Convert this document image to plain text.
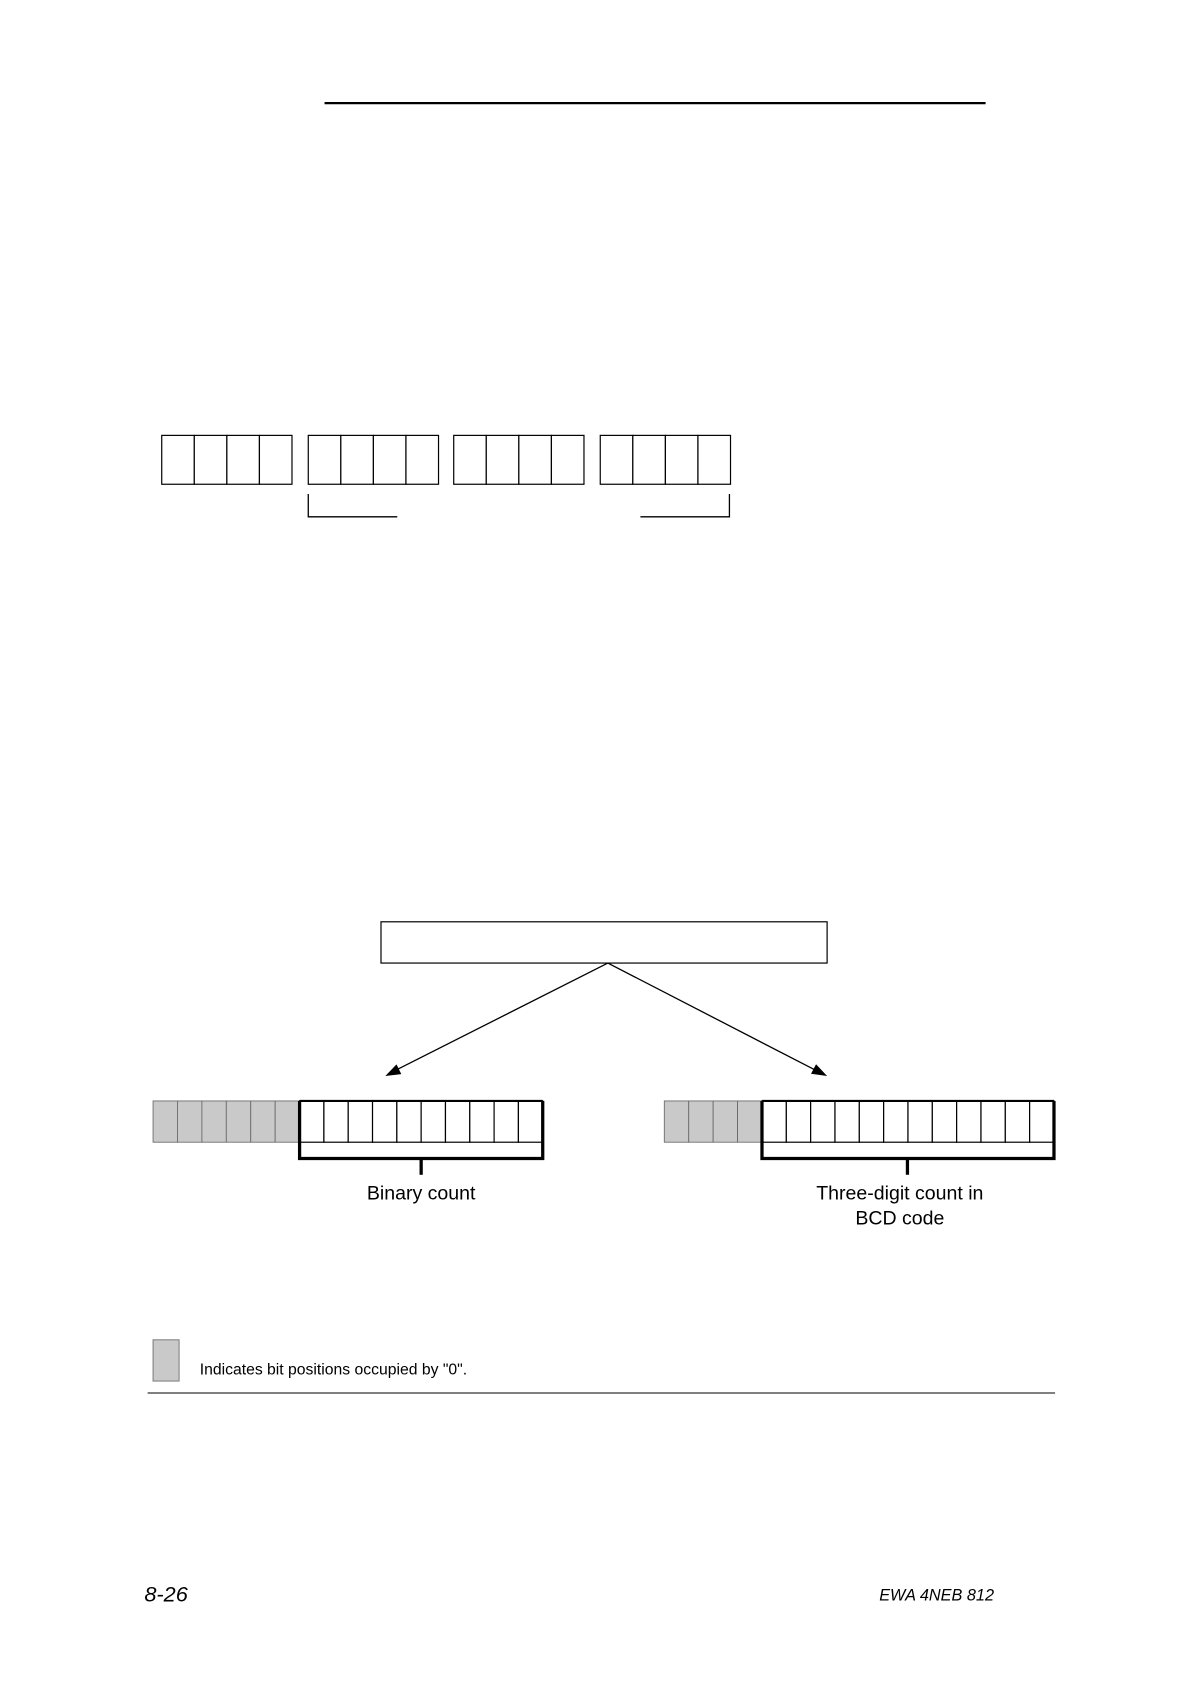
Binary count	Three-digit count in
BCD code
Indicates bit positions occupied by "0".
8-26	EWA 4NEB 812
